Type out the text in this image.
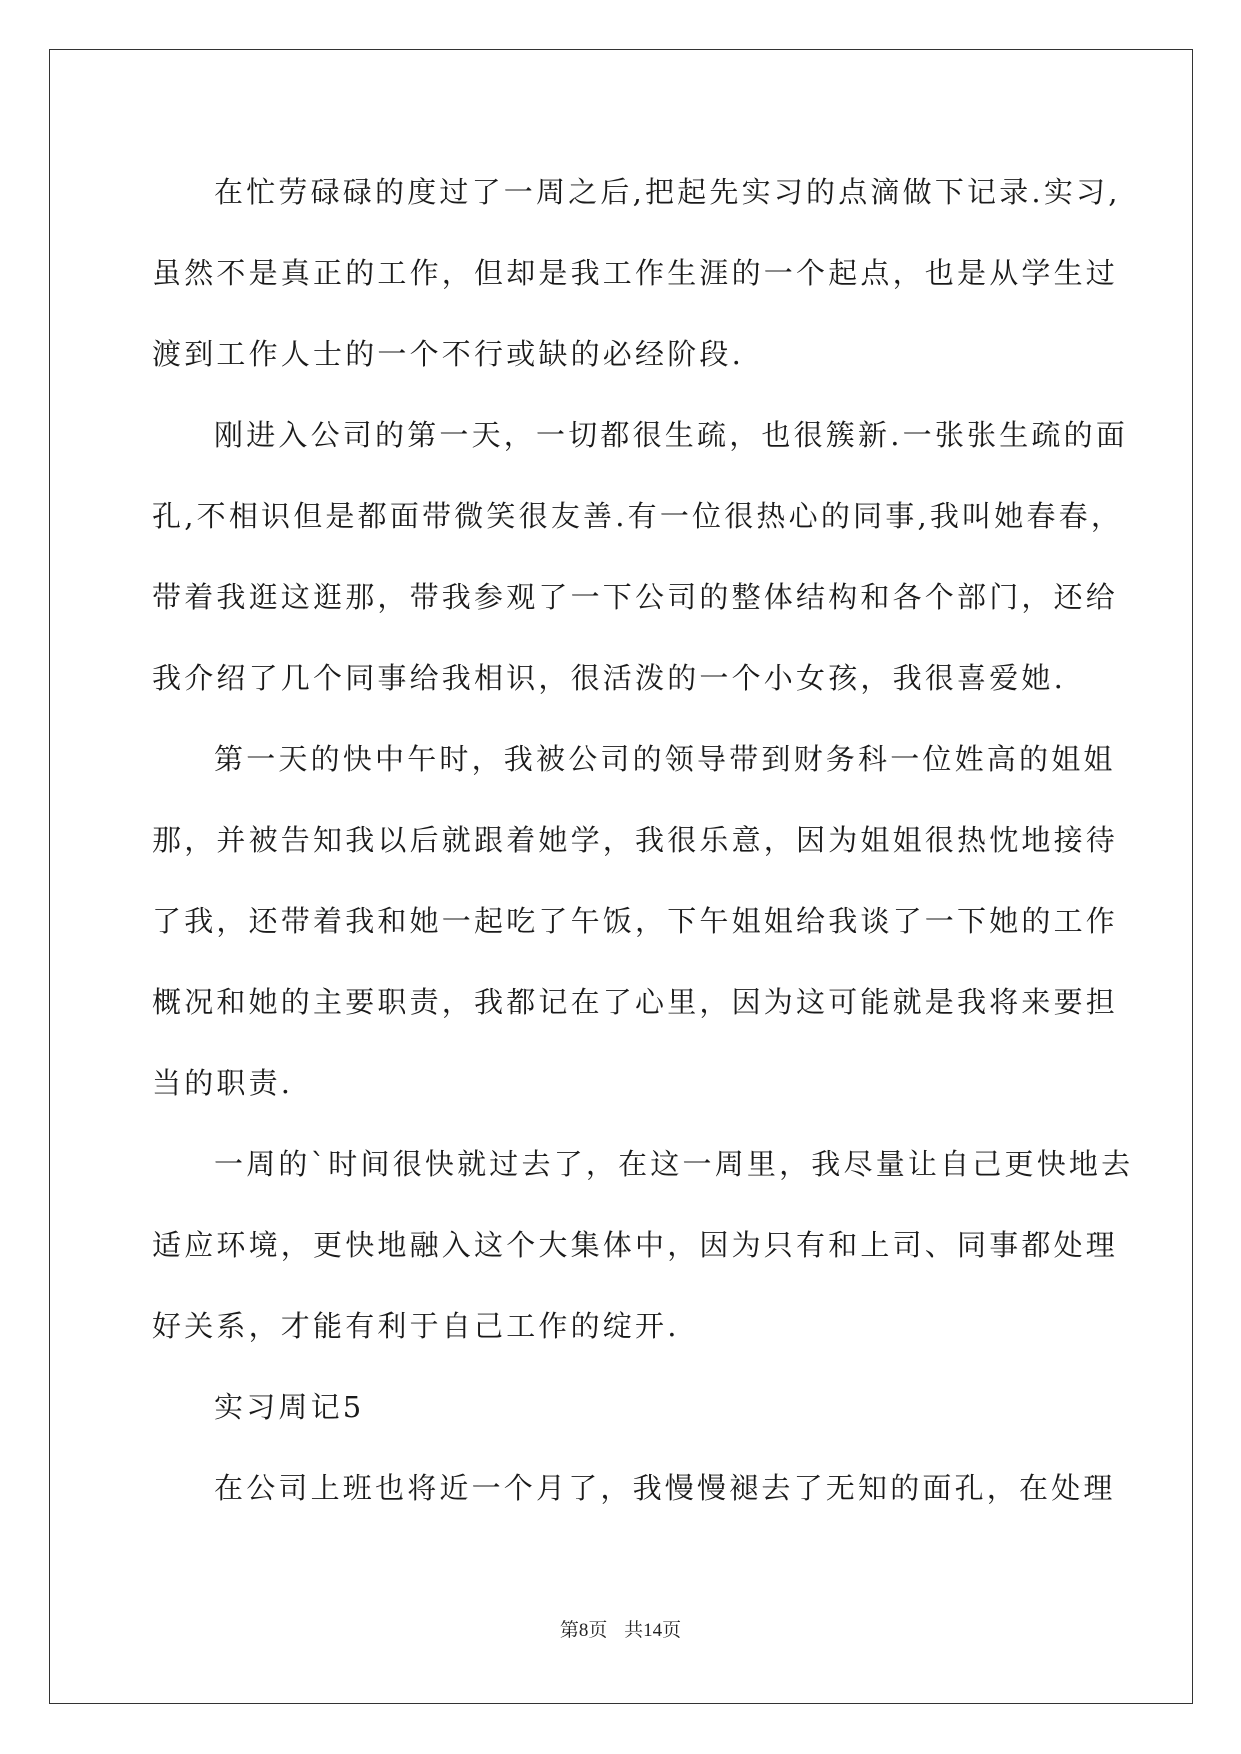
在忙劳碌碌的度过了一周之后,把起先实习的点滴做下记录.实习,
虽然不是真正的工作，但却是我工作生涯的一个起点，也是从学生过
渡到工作人士的一个不行或缺的必经阶段.
刚进入公司的第一天，一切都很生疏，也很簇新.一张张生疏的面
孔,不相识但是都面带微笑很友善.有一位很热心的同事,我叫她春春，
带着我逛这逛那，带我参观了一下公司的整体结构和各个部门，还给
我介绍了几个同事给我相识，很活泼的一个小女孩，我很喜爱她.
第一天的快中午时，我被公司的领导带到财务科一位姓高的姐姐
那，并被告知我以后就跟着她学，我很乐意，因为姐姐很热忱地接待
了我，还带着我和她一起吃了午饭，下午姐姐给我谈了一下她的工作
概况和她的主要职责，我都记在了心里，因为这可能就是我将来要担
当的职责.
一周的`时间很快就过去了，在这一周里，我尽量让自己更快地去
适应环境，更快地融入这个大集体中，因为只有和上司、同事都处理
好关系，才能有利于自己工作的绽开.
实习周记5
在公司上班也将近一个月了，我慢慢褪去了无知的面孔，在处理
第8页 共14页
